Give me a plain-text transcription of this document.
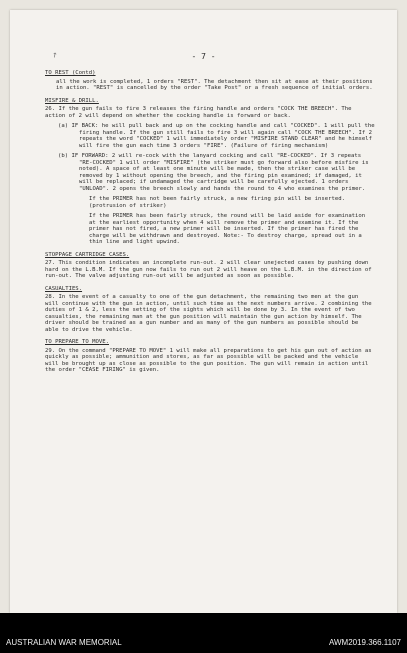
↗	- 7 -
TO REST (Contd)
all the work is completed, 1 orders "REST". The detachment then sit at ease at their positions in action. "REST" is cancelled by the order "Take Post" or a fresh sequence of initial orders.
MISFIRE & DRILL.
26. If the gun fails to fire 3 releases the firing handle and orders "COCK THE BREECH". The action of 2 will depend on whether the cocking handle is forward or back.
(a) IF BACK: he will pull back and up on the cocking handle and call "COCKED". 1 will pull the firing handle. If the gun still fails to fire 3 will again call "COCK THE BREECH". If 2 repeats the word "COCKED" 1 will immediately order "MISFIRE STAND CLEAR" and he himself will fire the gun each time 3 orders "FIRE". (Failure of firing mechanism)
(b) IF FORWARD: 2 will re-cock with the lanyard cocking and call "RE-COCKED". If 3 repeats "RE-COCKED" 1 will order "MISFIRE" (the striker must go forward also before misfire is noted). A space of at least one minute will be made, then the striker case will be removed by 1 without opening the breech, and the firing pin examined; if damaged, it will be replaced; if undamaged the cartridge will be carefully ejected. 1 orders "UNLOAD". 2 opens the breech slowly and hands the round to 4 who examines the primer.
If the PRIMER has not been fairly struck, a new firing pin will be inserted. (protrusion of striker)
If the PRIMER has been fairly struck, the round will be laid aside for examination at the earliest opportunity when 4 will remove the primer and examine it. If the primer has not fired, a new primer will be inserted. If the primer has fired the charge will be withdrawn and destroyed. Note:- To destroy charge, spread out in a thin line and light upwind.
STOPPAGE CARTRIDGE CASES.
27. This condition indicates an incomplete run-out. 2 will clear unejected cases by pushing down hard on the L.B.M. If the gun now fails to run out 2 will heave on the L.B.M. in the direction of run-out. The valve adjusting run-out will be adjusted as soon as possible.
CASUALTIES.
28. In the event of a casualty to one of the gun detachment, the remaining two men at the gun will continue with the gun in action, until such time as the next numbers arrive. 2 combining the duties of 1 & 2, less the setting of the sights which will be done by 3. In the event of two casualties, the remaining man at the gun position will maintain the gun action by himself. The driver should be trained as a gun number and as many of the gun numbers as possible should be able to drive the vehicle.
TO PREPARE TO MOVE.
29. On the command "PREPARE TO MOVE" 1 will make all preparations to get his gun out of action as quickly as possible; ammunition and stores, as far as possible will be packed and the vehicle will be brought up as close as possible to the gun position. The gun will remain in action until the order "CEASE FIRING" is given.
AUSTRALIAN WAR MEMORIAL	AWM2019.366.1107
